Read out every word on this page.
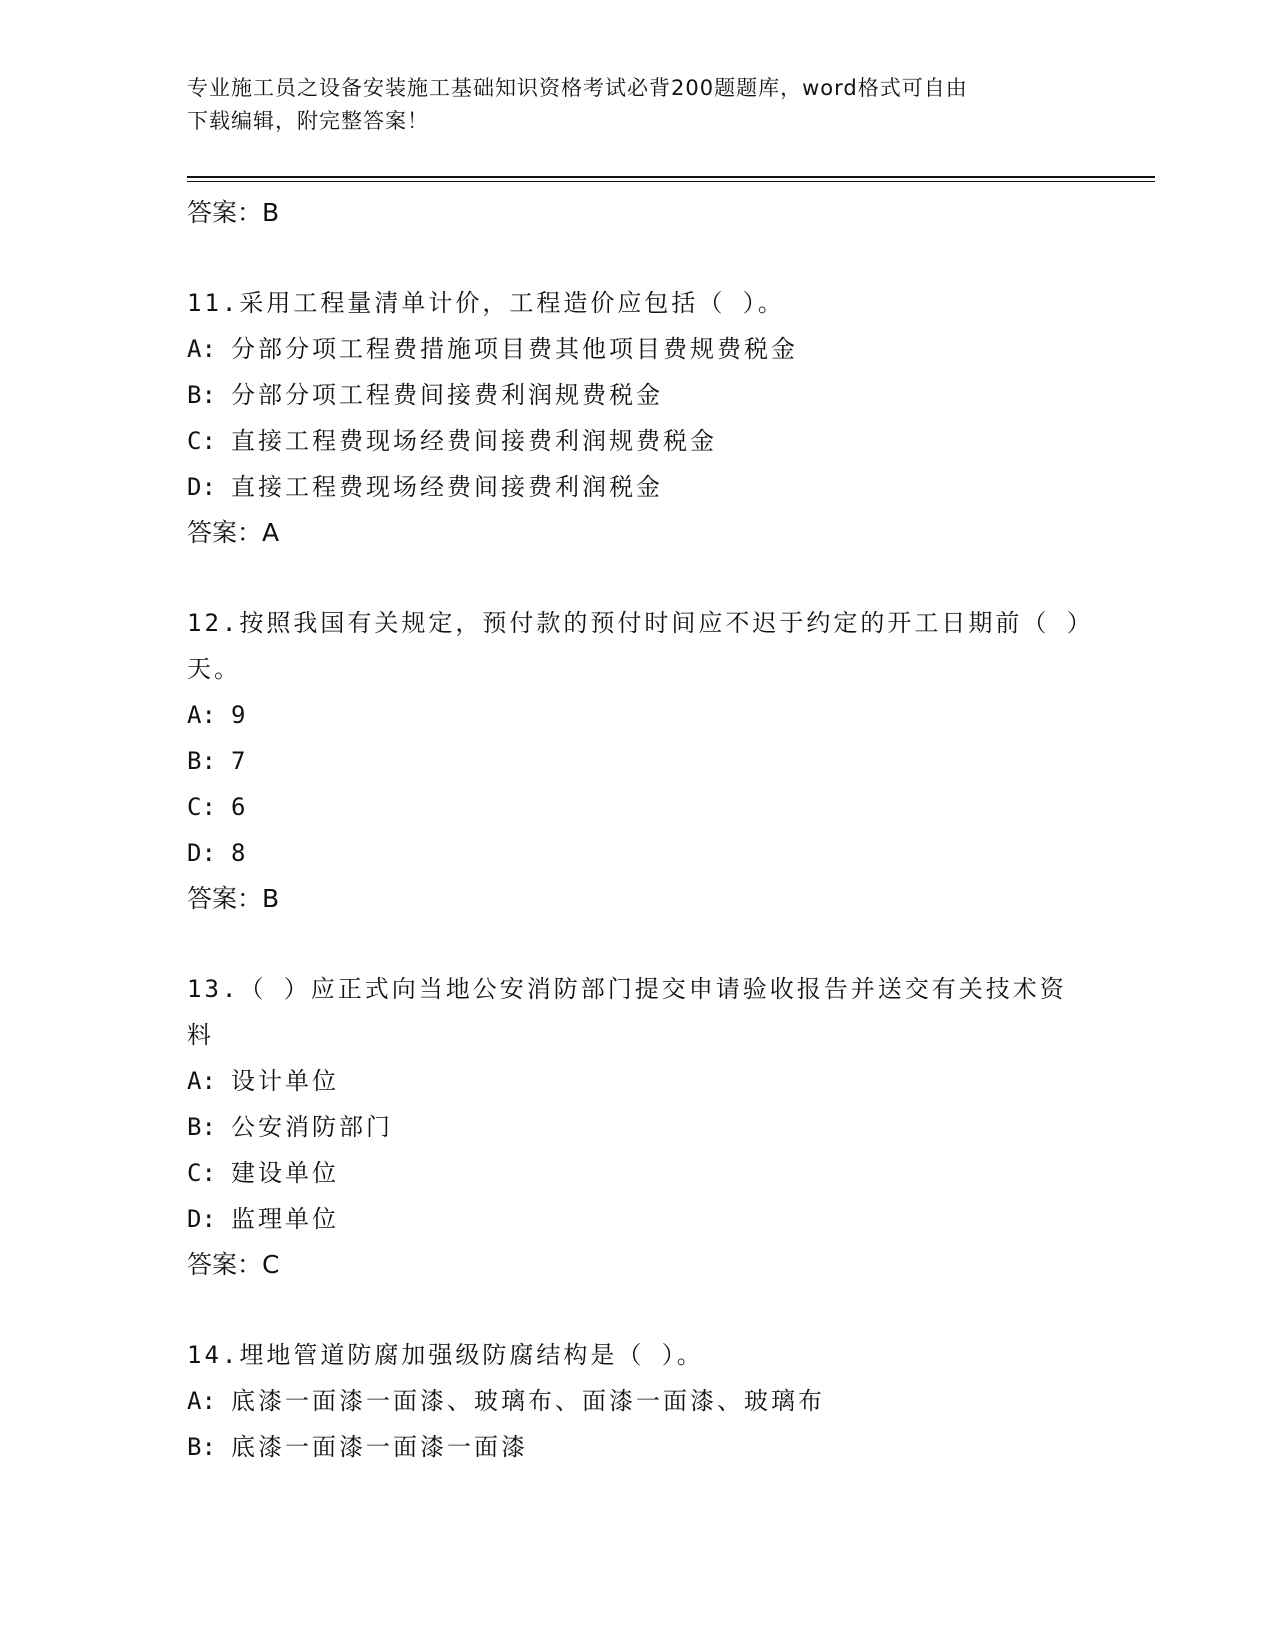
专业施工员之设备安装施工基础知识资格考试必背200题题库，word格式可自由
下载编辑，附完整答案！
答案：B
11.采用工程量清单计价，工程造价应包括（ ）。
A: 分部分项工程费措施项目费其他项目费规费税金
B: 分部分项工程费间接费利润规费税金
C: 直接工程费现场经费间接费利润规费税金
D: 直接工程费现场经费间接费利润税金
答案：A
12.按照我国有关规定，预付款的预付时间应不迟于约定的开工日期前（ ）天。
A: 9
B: 7
C: 6
D: 8
答案：B
13.（ ）应正式向当地公安消防部门提交申请验收报告并送交有关技术资料
A: 设计单位
B: 公安消防部门
C: 建设单位
D: 监理单位
答案：C
14.埋地管道防腐加强级防腐结构是（ ）。
A: 底漆一面漆一面漆、玻璃布、面漆一面漆、玻璃布
B: 底漆一面漆一面漆一面漆
